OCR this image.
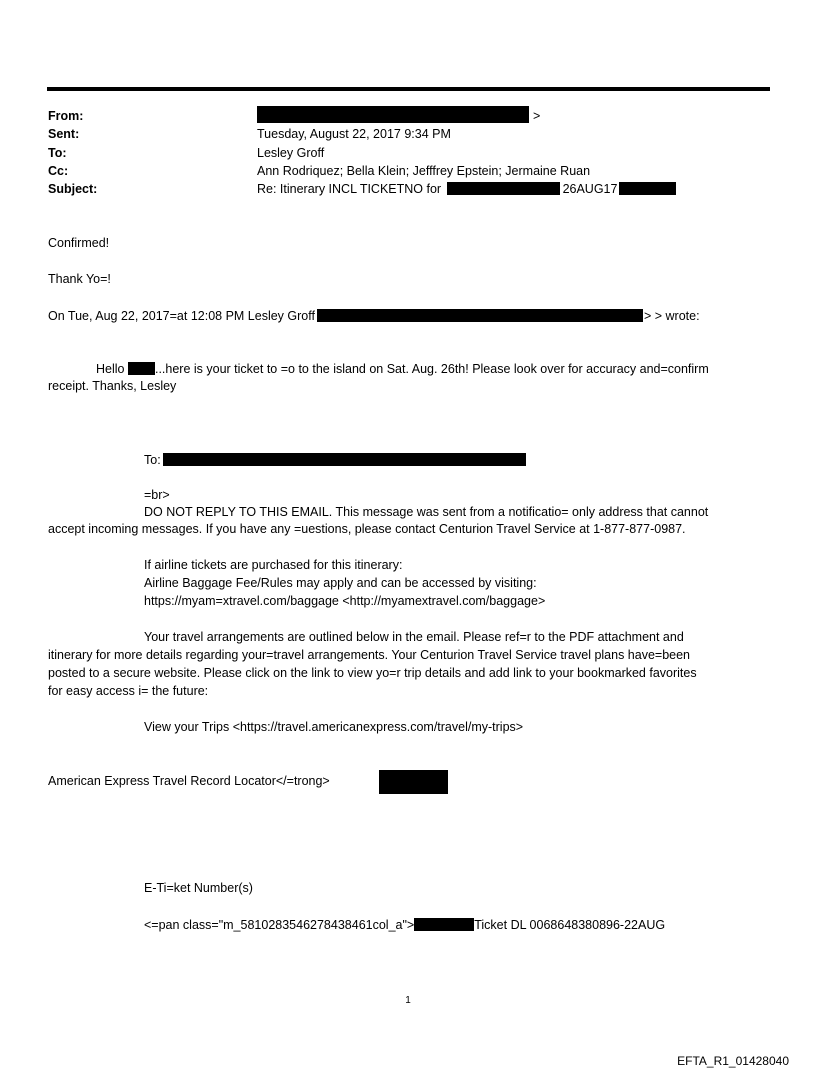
From:	>
Sent:	Tuesday, August 22, 2017 9:34 PM
To:	Lesley Groff
Cc:	Ann Rodriquez; Bella Klein; Jefffrey Epstein; Jermaine Ruan
Subject:	Re: Itinerary INCL TICKETNO for	26AUG17
Confirmed!
Thank Yo=!
On Tue, Aug 22, 2017=at 12:08 PM Lesley Groff	> > wrote:
Hello ...here is your ticket to =o to the island on Sat. Aug. 26th! Please look over for accuracy and=confirm
receipt. Thanks, Lesley
To:
=br>
DO NOT REPLY TO THIS EMAIL. This message was sent from a notificatio= only address that cannot
accept incoming messages. If you have any =uestions, please contact Centurion Travel Service at 1-877-877-0987.
If airline tickets are purchased for this itinerary:
Airline Baggage Fee/Rules may apply and can be accessed by visiting:
https://myam=xtravel.com/baggage <http://myamextravel.com/baggage>
Your travel arrangements are outlined below in the email. Please ref=r to the PDF attachment and
itinerary for more details regarding your=travel arrangements. Your Centurion Travel Service travel plans have=been
posted to a secure website. Please click on the link to view yo=r trip details and add link to your bookmarked favorites
for easy access i= the future:
View your Trips <https://travel.americanexpress.com/travel/my-trips>
American Express Travel Record Locator</=trong>
E-Ti=ket Number(s)
<=pan class="m_5810283546278438461col_a">	Ticket DL 0068648380896-22AUG
1
EFTA_R1_01428040
